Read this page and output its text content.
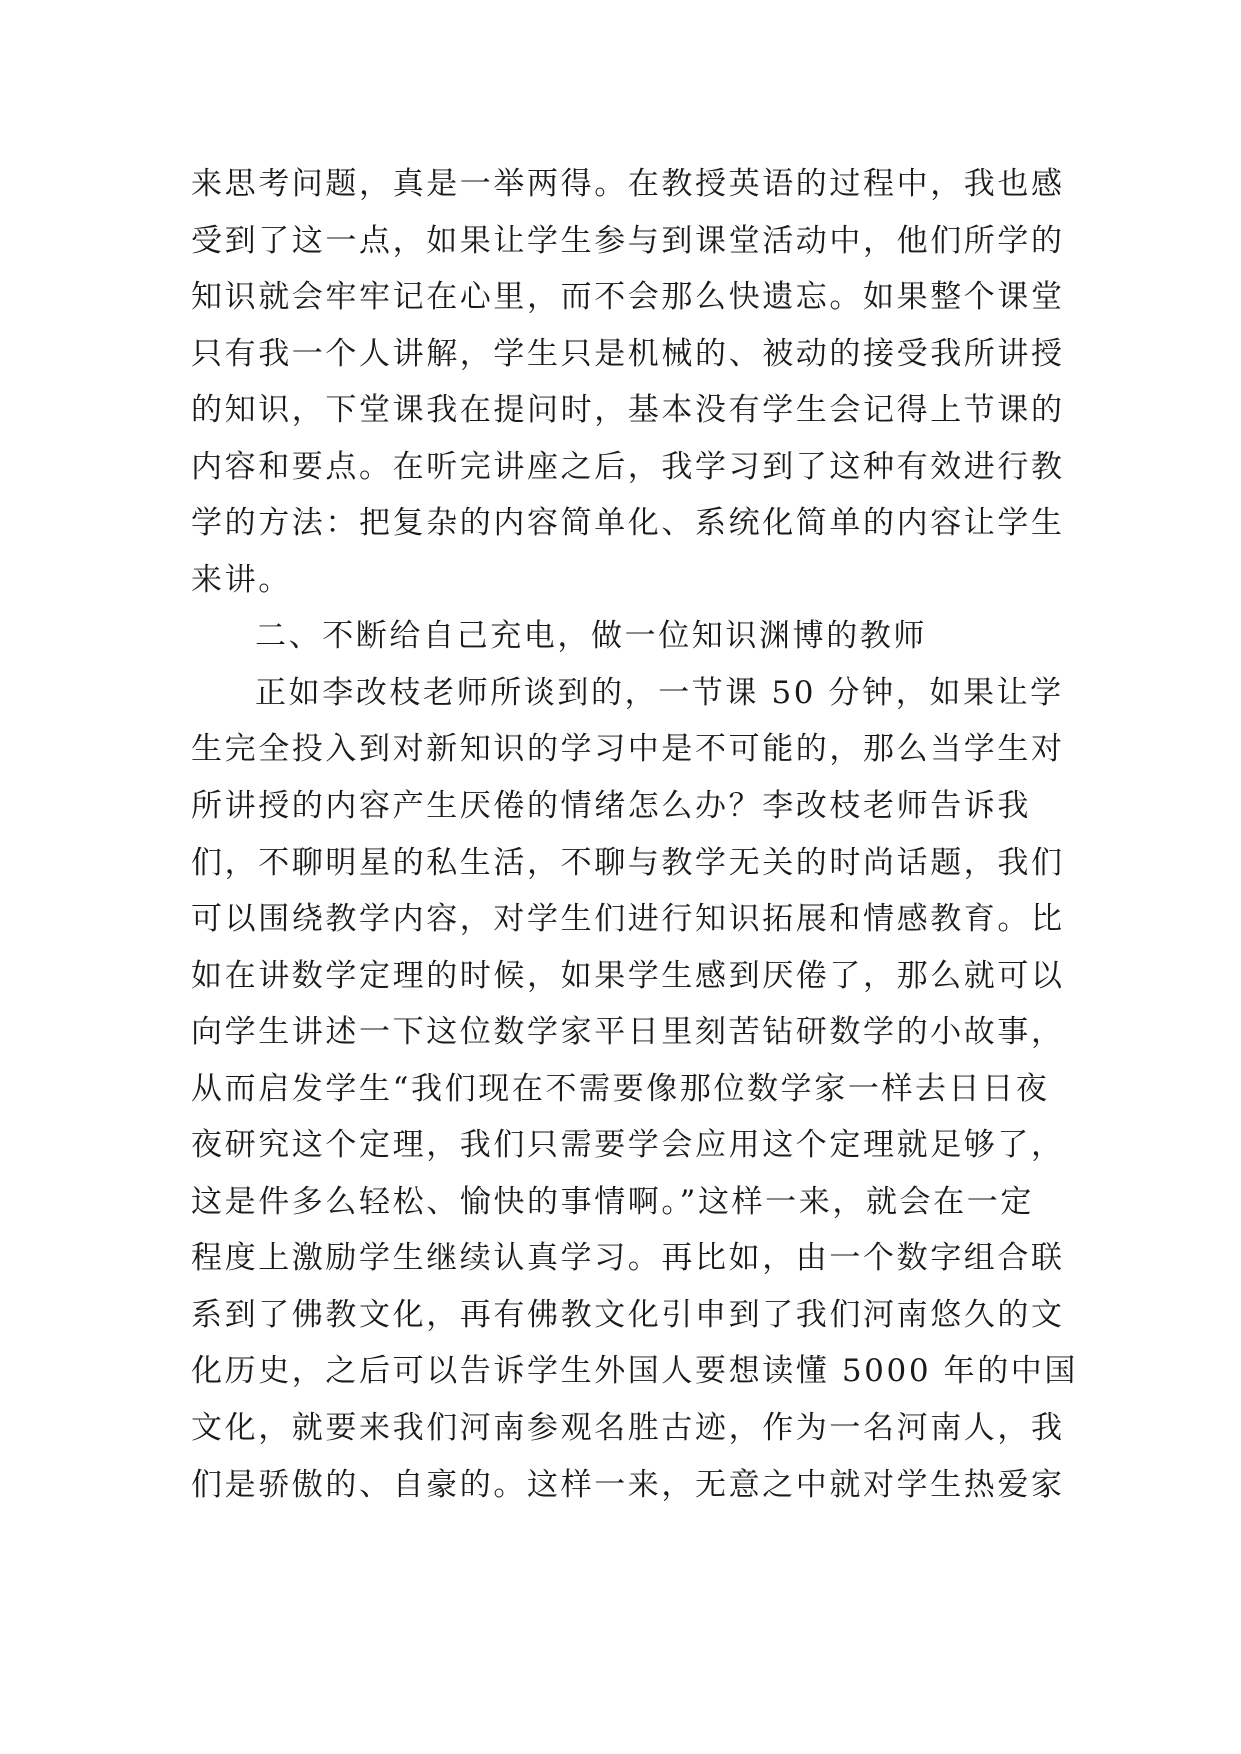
来思考问题，真是一举两得。在教授英语的过程中，我也感
受到了这一点，如果让学生参与到课堂活动中，他们所学的
知识就会牢牢记在心里，而不会那么快遗忘。如果整个课堂
只有我一个人讲解，学生只是机械的、被动的接受我所讲授
的知识，下堂课我在提问时，基本没有学生会记得上节课的
内容和要点。在听完讲座之后，我学习到了这种有效进行教
学的方法：把复杂的内容简单化、系统化简单的内容让学生
来讲。
二、不断给自己充电，做一位知识渊博的教师
正如李改枝老师所谈到的，一节课 50 分钟，如果让学
生完全投入到对新知识的学习中是不可能的，那么当学生对
所讲授的内容产生厌倦的情绪怎么办？李改枝老师告诉我
们，不聊明星的私生活，不聊与教学无关的时尚话题，我们
可以围绕教学内容，对学生们进行知识拓展和情感教育。比
如在讲数学定理的时候，如果学生感到厌倦了，那么就可以
向学生讲述一下这位数学家平日里刻苦钻研数学的小故事，
从而启发学生“我们现在不需要像那位数学家一样去日日夜
夜研究这个定理，我们只需要学会应用这个定理就足够了，
这是件多么轻松、愉快的事情啊。”这样一来，就会在一定
程度上激励学生继续认真学习。再比如，由一个数字组合联
系到了佛教文化，再有佛教文化引申到了我们河南悠久的文
化历史，之后可以告诉学生外国人要想读懂 5000 年的中国
文化，就要来我们河南参观名胜古迹，作为一名河南人，我
们是骄傲的、自豪的。这样一来，无意之中就对学生热爱家
